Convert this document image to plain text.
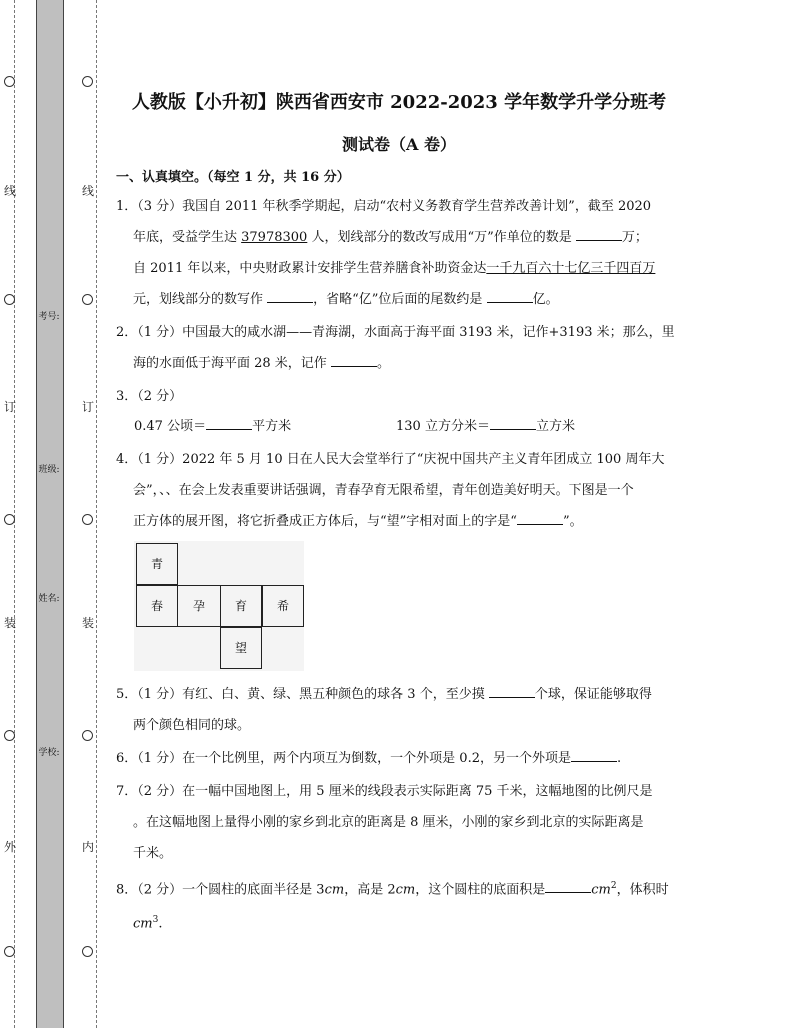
线
订
装
外
线
订
装
内
考号:
班级:
姓名:
学校:
人教版【小升初】陕西省西安市 2022-2023 学年数学升学分班考
测试卷（A 卷）
一、认真填空。（每空 1 分，共 16 分）
1．（3 分）我国自 2011 年秋季学期起，启动“农村义务教育学生营养改善计划”，截至 2020
年底，受益学生达 37978300 人，划线部分的数改写成用“万”作单位的数是	万；
自 2011 年以来，中央财政累计安排学生营养膳食补助资金达一千九百六十七亿三千四百万
元，划线部分的数写作	，省略“亿”位后面的尾数约是	亿。
2．（1 分）中国最大的咸水湖——青海湖，水面高于海平面 3193 米，记作+3193 米；那么，里
海的水面低于海平面 28 米，记作	。
3．（2 分）
0.47 公顷＝	平方米	130 立方分米＝	立方米
4．（1 分）2022 年 5 月 10 日在人民大会堂举行了“庆祝中国共产主义青年团成立 100 周年大
会”，、、在会上发表重要讲话强调，青春孕育无限希望，青年创造美好明天。下图是一个
正方体的展开图，将它折叠成正方体后，与“望”字相对面上的字是“	”。
青
春	孕	育	希
望
5．（1 分）有红、白、黄、绿、黑五种颜色的球各 3 个，至少摸	个球，保证能够取得
两个颜色相同的球。
6．（1 分）在一个比例里，两个内项互为倒数，一个外项是 0.2，另一个外项是	.
7．（2 分）在一幅中国地图上，用 5 厘米的线段表示实际距离 75 千米，这幅地图的比例尺是
。在这幅地图上量得小刚的家乡到北京的距离是 8 厘米，小刚的家乡到北京的实际距离是
千米。
8．（2 分）一个圆柱的底面半径是 3cm，高是 2cm，这个圆柱的底面积是	$cm^2$，体积时
$cm^3$.
